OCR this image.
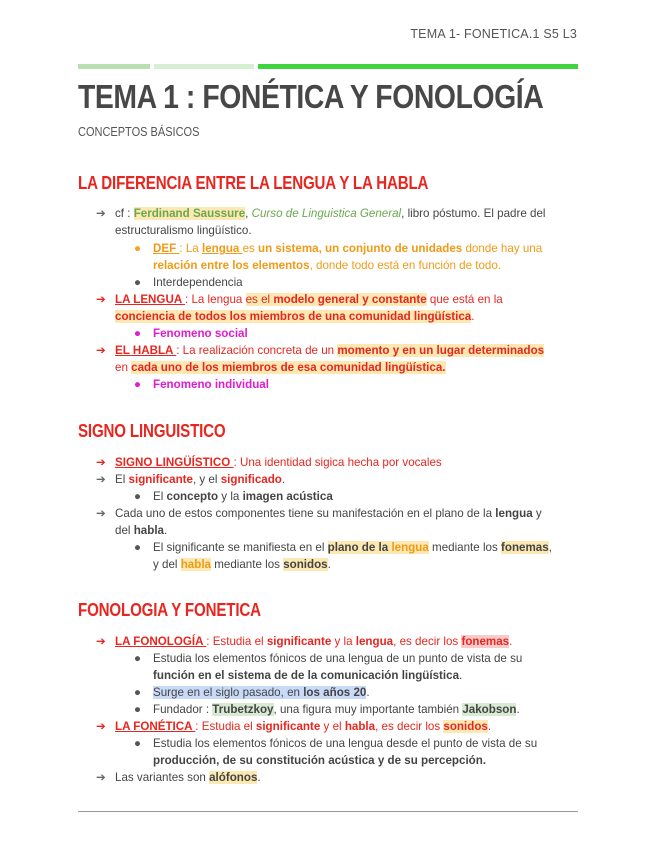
TEMA 1- FONETICA.1 S5 L3
TEMA 1 : FONÉTICA Y FONOLOGÍA
CONCEPTOS BÁSICOS
LA DIFERENCIA ENTRE LA LENGUA Y LA HABLA
➔ cf : Ferdinand Saussure, Curso de Linguistica General, libro póstumo. El padre del
estructuralismo lingüístico.
● DEF : La lengua es un sistema, un conjunto de unidades donde hay una
relación entre los elementos, donde todo está en función de todo.
● Interdependencia
➔ LA LENGUA : La lengua es el modelo general y constante que está en la
conciencia de todos los miembros de una comunidad lingüística.
● Fenomeno social
➔ EL HABLA : La realización concreta de un momento y en un lugar determinados
en cada uno de los miembros de esa comunidad lingüística.
● Fenomeno individual
SIGNO LINGUISTICO
➔ SIGNO LINGÜÍSTICO : Una identidad sigica hecha por vocales
➔ El significante, y el significado.
● El concepto y la imagen acústica
➔ Cada uno de estos componentes tiene su manifestación en el plano de la lengua y
del habla.
● El significante se manifiesta en el plano de la lengua mediante los fonemas,
y del habla mediante los sonidos.
FONOLOGIA Y FONETICA
➔ LA FONOLOGÍA : Estudia el significante y la lengua, es decir los fonemas.
● Estudia los elementos fónicos de una lengua de un punto de vista de su
función en el sistema de de la comunicación lingüística.
● Surge en el siglo pasado, en los años 20.
● Fundador : Trubetzkoy, una figura muy importante también Jakobson.
➔ LA FONÉTICA : Estudia el significante y el habla, es decir los sonidos.
● Estudia los elementos fónicos de una lengua desde el punto de vista de su
producción, de su constitución acústica y de su percepción.
➔ Las variantes son alófonos.
